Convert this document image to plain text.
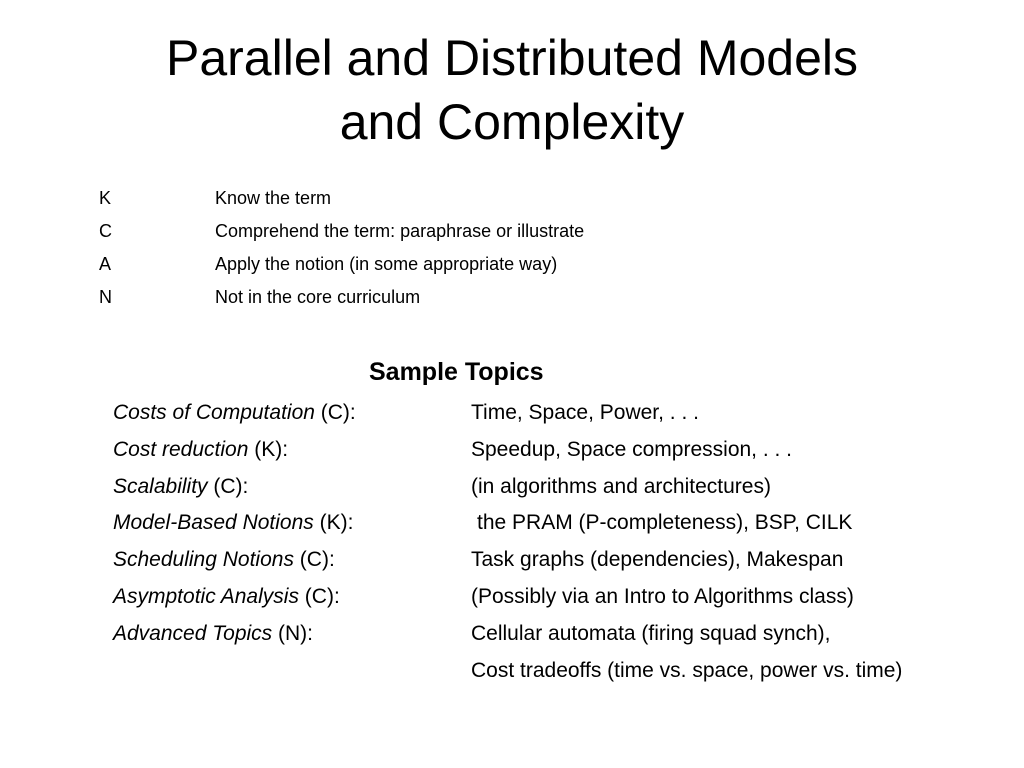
Parallel and Distributed Models
and Complexity
K	Know the term
C	Comprehend the term: paraphrase or illustrate
A	Apply the notion (in some appropriate way)
N	Not in the core curriculum
Sample Topics
Costs of Computation (C):	Time, Space, Power, . . .
Cost reduction (K):	Speedup, Space compression, . . .
Scalability (C):	(in algorithms and architectures)
Model-Based Notions (K):	the PRAM (P-completeness), BSP, CILK
Scheduling Notions (C):	Task graphs (dependencies), Makespan
Asymptotic Analysis (C):	(Possibly via an Intro to Algorithms class)
Advanced Topics (N):	Cellular automata (firing squad synch),
Cost tradeoffs (time vs. space, power vs. time)
